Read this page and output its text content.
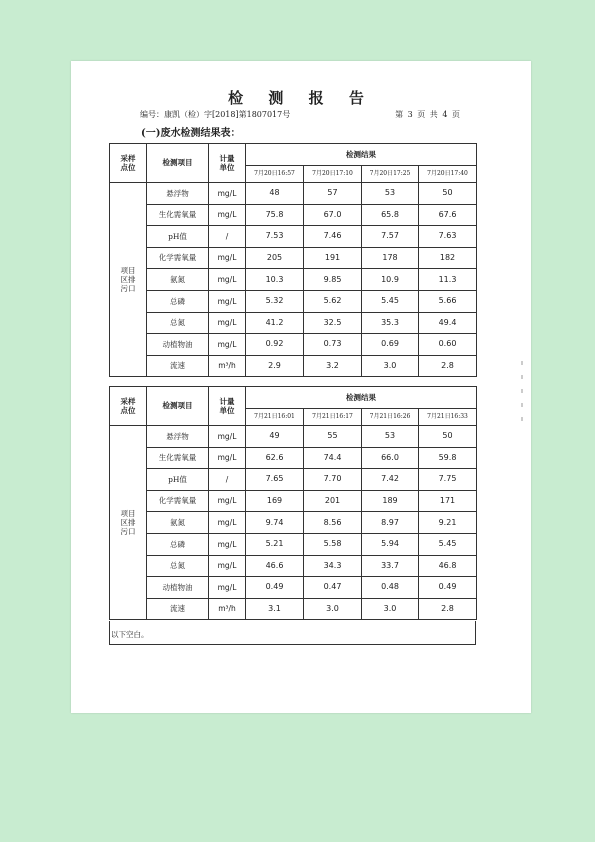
检 测 报 告
编号：康凯（检）字[2018]第1807017号	第 3 页 共 4 页
(一)废水检测结果表：
采样
点位	检测项目	计量
单位	检测结果			
			7月20日16:57	7月20日17:10	7月20日17:25	7月20日17:40
项目
区排
污口	悬浮物	mg/L	48	57	53	50
	生化需氧量	mg/L	75.8	67.0	65.8	67.6
	pH值	/	7.53	7.46	7.57	7.63
	化学需氧量	mg/L	205	191	178	182
	氨氮	mg/L	10.3	9.85	10.9	11.3
	总磷	mg/L	5.32	5.62	5.45	5.66
	总氮	mg/L	41.2	32.5	35.3	49.4
	动植物油	mg/L	0.92	0.73	0.69	0.60
	流速	m³/h	2.9	3.2	3.0	2.8
采样
点位	检测项目	计量
单位	检测结果			
			7月21日16:01	7月21日16:17	7月21日16:26	7月21日16:33
项目
区排
污口	悬浮物	mg/L	49	55	53	50
	生化需氧量	mg/L	62.6	74.4	66.0	59.8
	pH值	/	7.65	7.70	7.42	7.75
	化学需氧量	mg/L	169	201	189	171
	氨氮	mg/L	9.74	8.56	8.97	9.21
	总磷	mg/L	5.21	5.58	5.94	5.45
	总氮	mg/L	46.6	34.3	33.7	46.8
	动植物油	mg/L	0.49	0.47	0.48	0.49
	流速	m³/h	3.1	3.0	3.0	2.8
以下空白。
